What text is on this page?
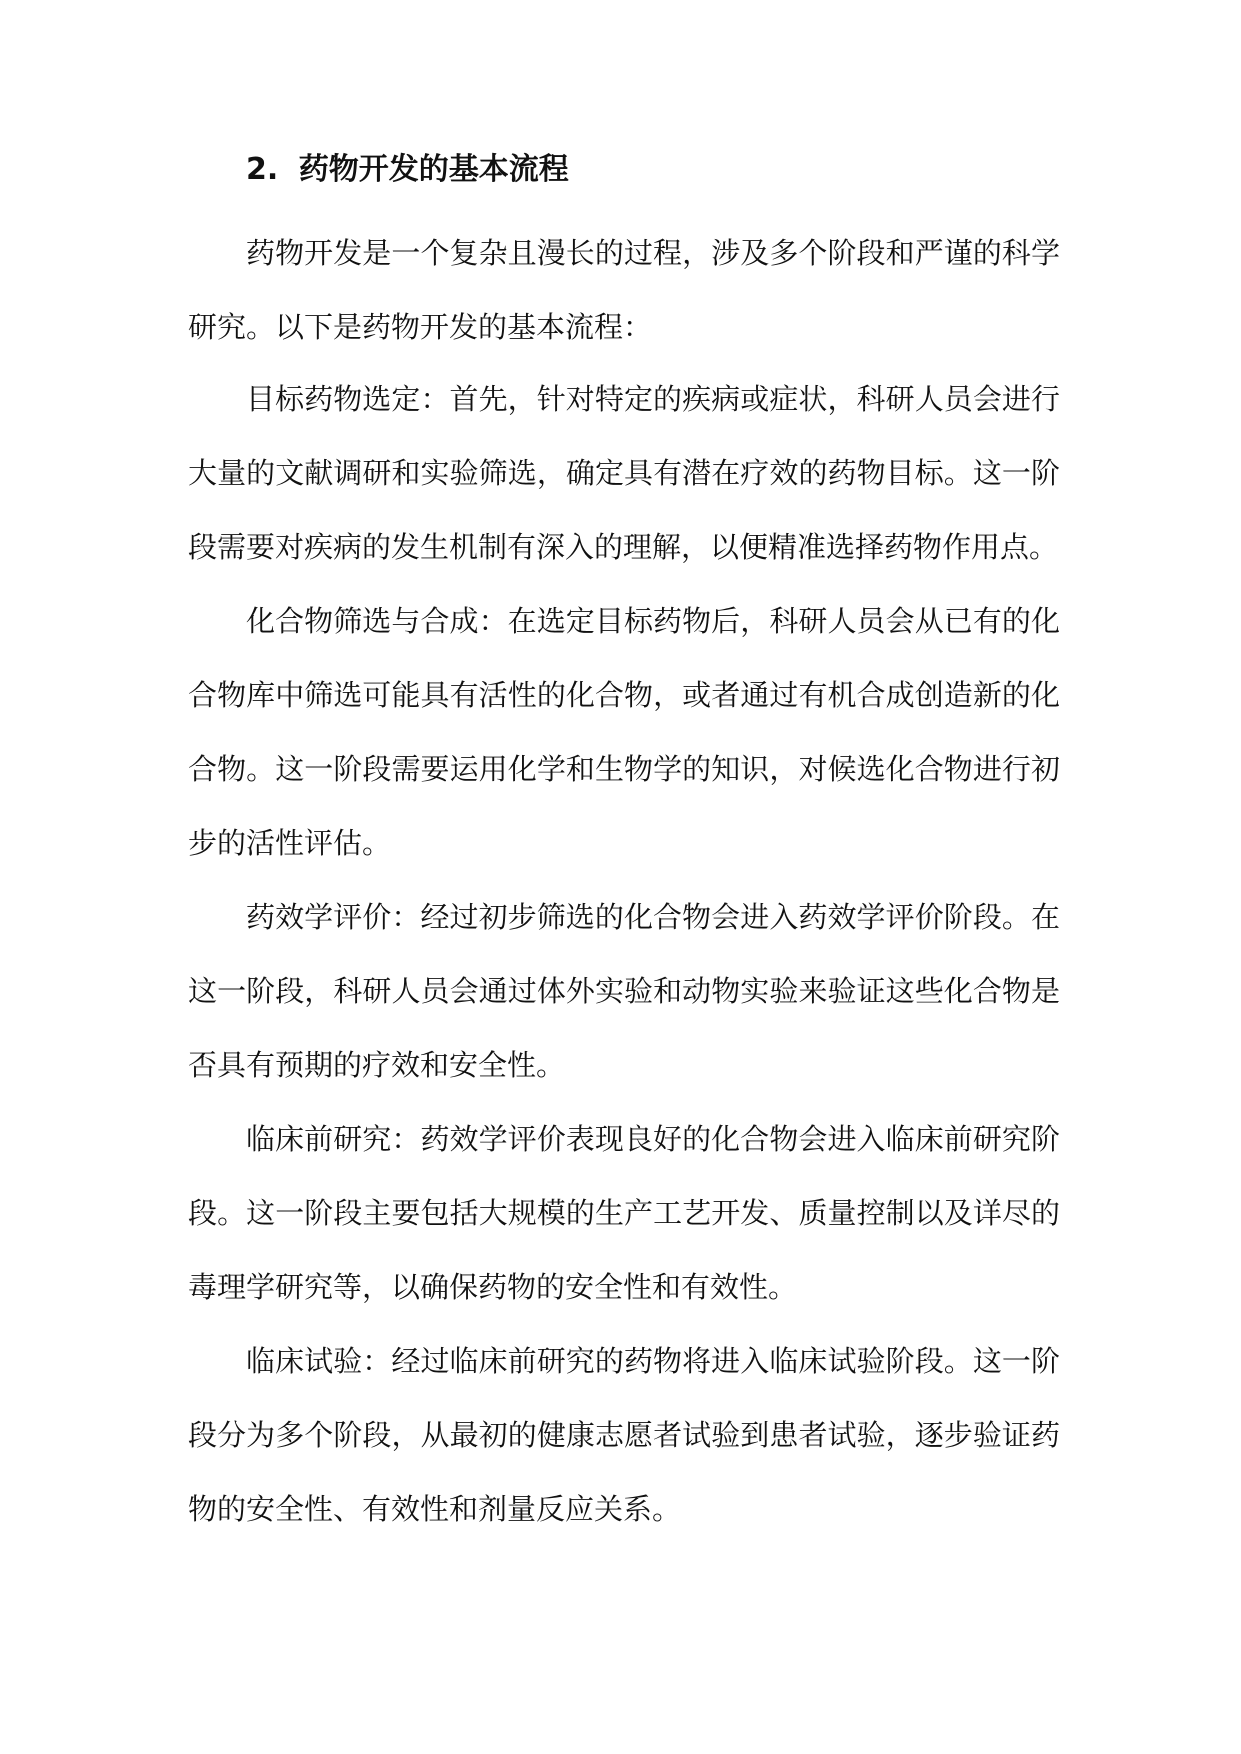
2. 药物开发的基本流程

药物开发是一个复杂且漫长的过程，涉及多个阶段和严谨的科学研究。以下是药物开发的基本流程：

目标药物选定：首先，针对特定的疾病或症状，科研人员会进行大量的文献调研和实验筛选，确定具有潜在疗效的药物目标。这一阶段需要对疾病的发生机制有深入的理解，以便精准选择药物作用点。

化合物筛选与合成：在选定目标药物后，科研人员会从已有的化合物库中筛选可能具有活性的化合物，或者通过有机合成创造新的化合物。这一阶段需要运用化学和生物学的知识，对候选化合物进行初步的活性评估。

药效学评价：经过初步筛选的化合物会进入药效学评价阶段。在这一阶段，科研人员会通过体外实验和动物实验来验证这些化合物是否具有预期的疗效和安全性。

临床前研究：药效学评价表现良好的化合物会进入临床前研究阶段。这一阶段主要包括大规模的生产工艺开发、质量控制以及详尽的毒理学研究等，以确保药物的安全性和有效性。

临床试验：经过临床前研究的药物将进入临床试验阶段。这一阶段分为多个阶段，从最初的健康志愿者试验到患者试验，逐步验证药物的安全性、有效性和剂量反应关系。
